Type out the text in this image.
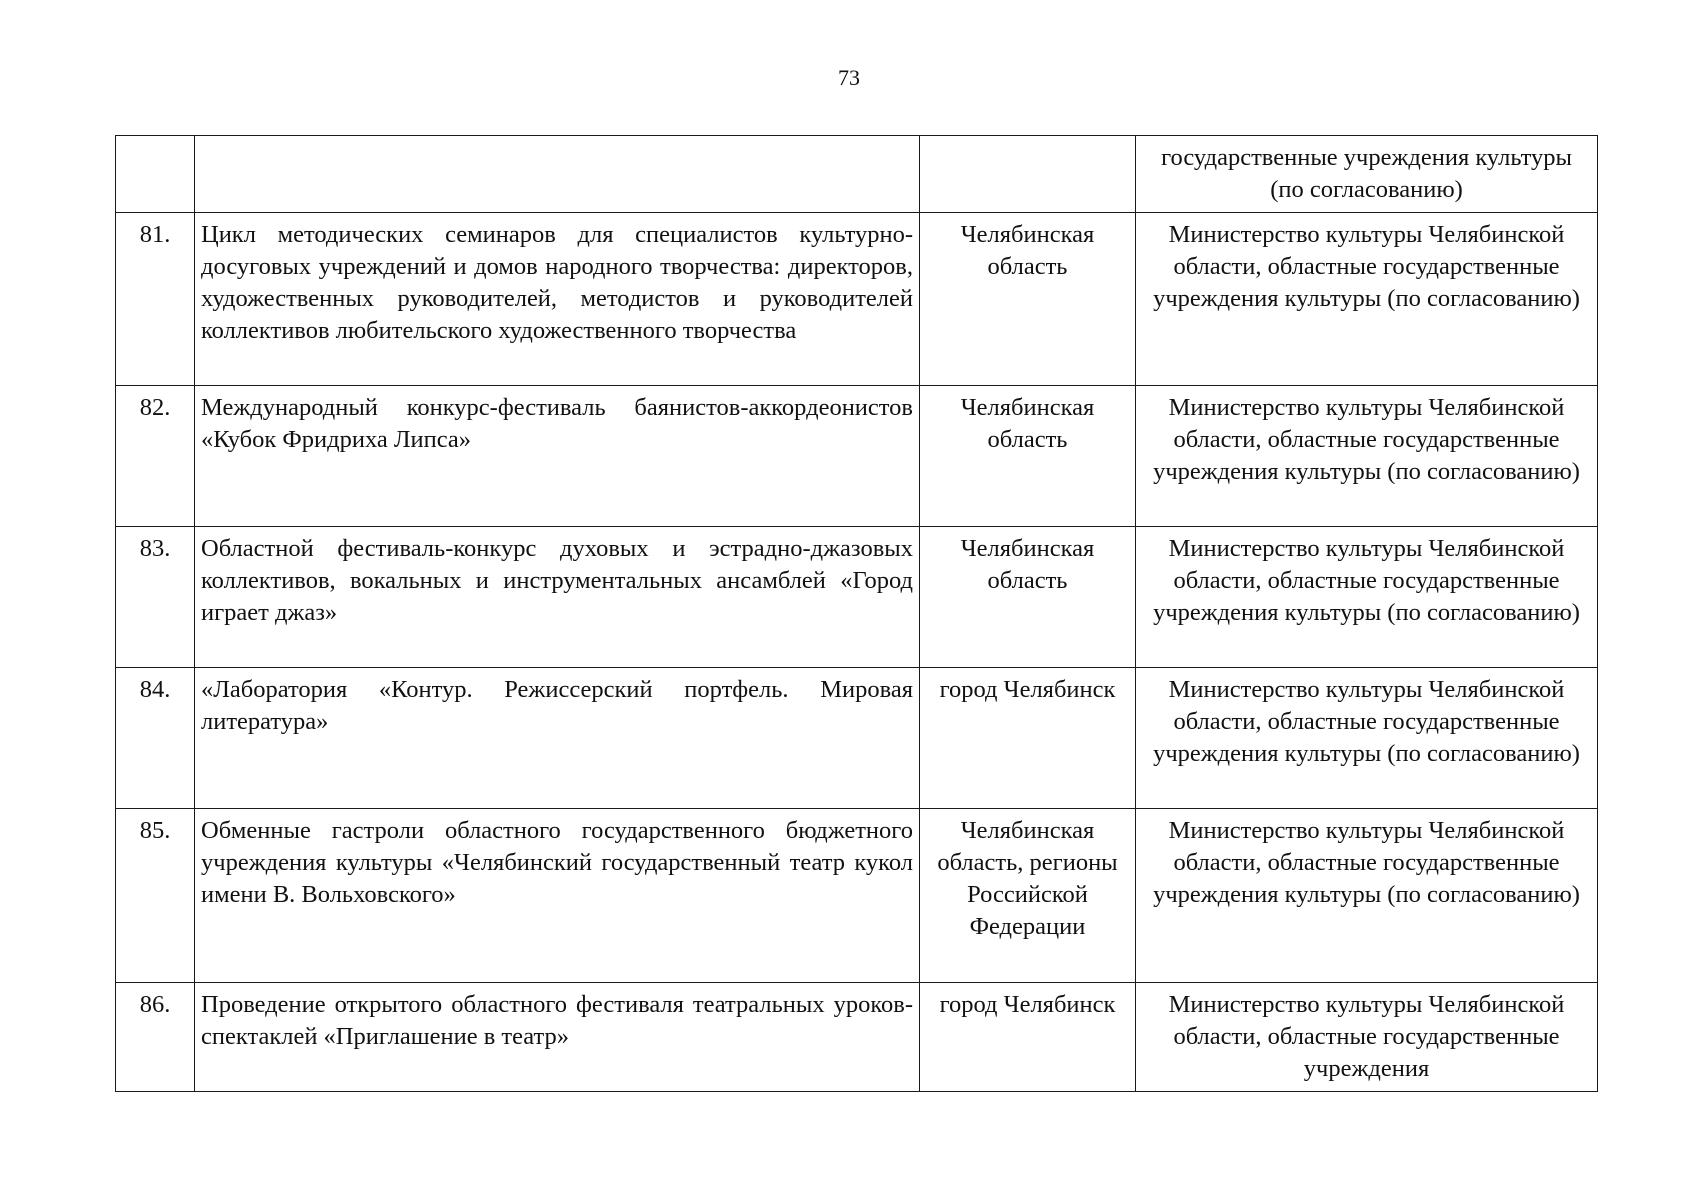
73
			государственные учреждения культуры (по согласованию)
81.	Цикл методических семинаров для специалистов культурно-досуговых учреждений и домов народного творчества: директоров, художественных руководителей, методистов и руководителей коллективов любительского художественного творчества	Челябинская область	Министерство культуры Челябинской области, областные государственные учреждения культуры (по согласованию)
82.	Международный конкурс-фестиваль баянистов-аккордеонистов «Кубок Фридриха Липса»	Челябинская область	Министерство культуры Челябинской области, областные государственные учреждения культуры (по согласованию)
83.	Областной фестиваль-конкурс духовых и эстрадно-джазовых коллективов, вокальных и инструментальных ансамблей «Город играет джаз»	Челябинская область	Министерство культуры Челябинской области, областные государственные учреждения культуры (по согласованию)
84.	«Лаборатория «Контур. Режиссерский портфель. Мировая литература»	город Челябинск	Министерство культуры Челябинской области, областные государственные учреждения культуры (по согласованию)
85.	Обменные гастроли областного государственного бюджетного учреждения культуры «Челябинский государственный театр кукол имени В. Вольховского»	Челябинская область, регионы Российской Федерации	Министерство культуры Челябинской области, областные государственные учреждения культуры (по согласованию)
86.	Проведение открытого областного фестиваля театральных уроков-спектаклей «Приглашение в театр»	город Челябинск	Министерство культуры Челябинской области, областные государственные учреждения
